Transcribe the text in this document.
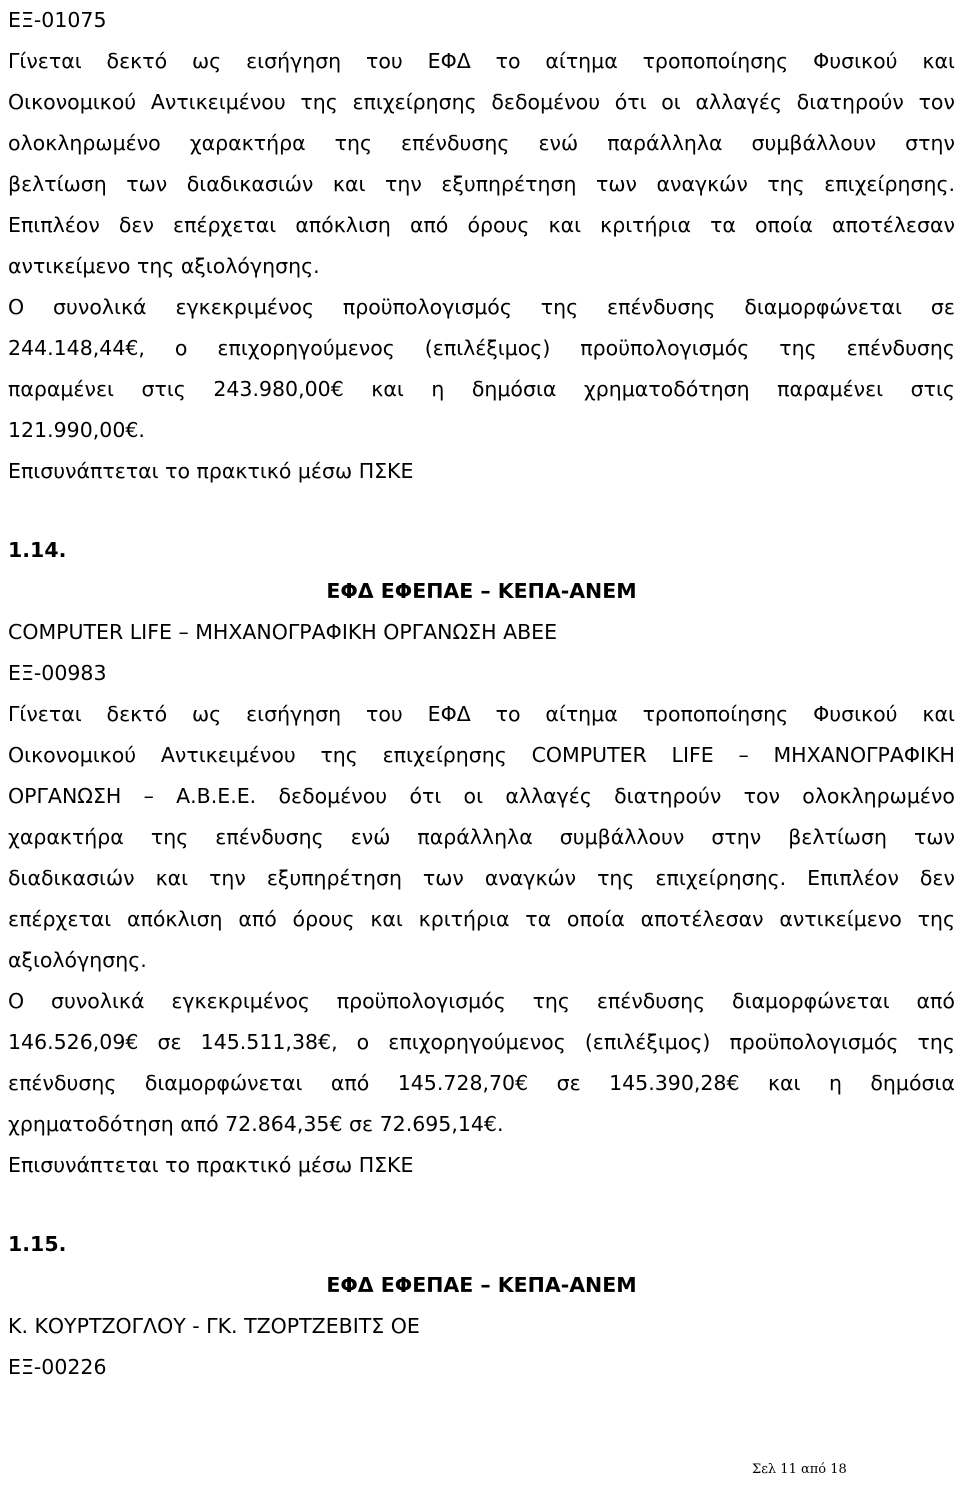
ΕΞ-01075
Γίνεται δεκτό ως εισήγηση του ΕΦΔ το αίτημα τροποποίησης Φυσικού και
Οικονομικού Αντικειμένου της επιχείρησης δεδομένου ότι οι αλλαγές διατηρούν τον
ολοκληρωμένο χαρακτήρα της επένδυσης ενώ παράλληλα συμβάλλουν στην
βελτίωση των διαδικασιών και την εξυπηρέτηση των αναγκών της επιχείρησης.
Επιπλέον δεν επέρχεται απόκλιση από όρους και κριτήρια τα οποία αποτέλεσαν
αντικείμενο της αξιολόγησης.
Ο συνολικά εγκεκριμένος προϋπολογισμός της επένδυσης διαμορφώνεται σε
244.148,44€, ο επιχορηγούμενος (επιλέξιμος) προϋπολογισμός της επένδυσης
παραμένει στις 243.980,00€ και η δημόσια χρηματοδότηση παραμένει στις
121.990,00€.
Επισυνάπτεται το πρακτικό μέσω ΠΣΚΕ
1.14.
ΕΦΔ ΕΦΕΠΑΕ – ΚΕΠΑ-ΑΝΕΜ
COMPUTER LIFE – ΜΗΧΑΝΟΓΡΑΦΙΚΗ ΟΡΓΑΝΩΣΗ ΑΒΕΕ
ΕΞ-00983
Γίνεται δεκτό ως εισήγηση του ΕΦΔ το αίτημα τροποποίησης Φυσικού και
Οικονομικού Αντικειμένου της επιχείρησης COMPUTER LIFE – ΜΗΧΑΝΟΓΡΑΦΙΚΗ
ΟΡΓΑΝΩΣΗ – Α.Β.Ε.Ε. δεδομένου ότι οι αλλαγές διατηρούν τον ολοκληρωμένο
χαρακτήρα της επένδυσης ενώ παράλληλα συμβάλλουν στην βελτίωση των
διαδικασιών και την εξυπηρέτηση των αναγκών της επιχείρησης. Επιπλέον δεν
επέρχεται απόκλιση από όρους και κριτήρια τα οποία αποτέλεσαν αντικείμενο της
αξιολόγησης.
Ο συνολικά εγκεκριμένος προϋπολογισμός της επένδυσης διαμορφώνεται από
146.526,09€ σε 145.511,38€, ο επιχορηγούμενος (επιλέξιμος) προϋπολογισμός της
επένδυσης διαμορφώνεται από 145.728,70€ σε 145.390,28€ και η δημόσια
χρηματοδότηση από 72.864,35€ σε 72.695,14€.
Επισυνάπτεται το πρακτικό μέσω ΠΣΚΕ
1.15.
ΕΦΔ ΕΦΕΠΑΕ – ΚΕΠΑ-ΑΝΕΜ
Κ. ΚΟΥΡΤΖΟΓΛΟΥ - ΓΚ. ΤΖΟΡΤΖΕΒΙΤΣ ΟΕ
ΕΞ-00226
Σελ 11 από 18
